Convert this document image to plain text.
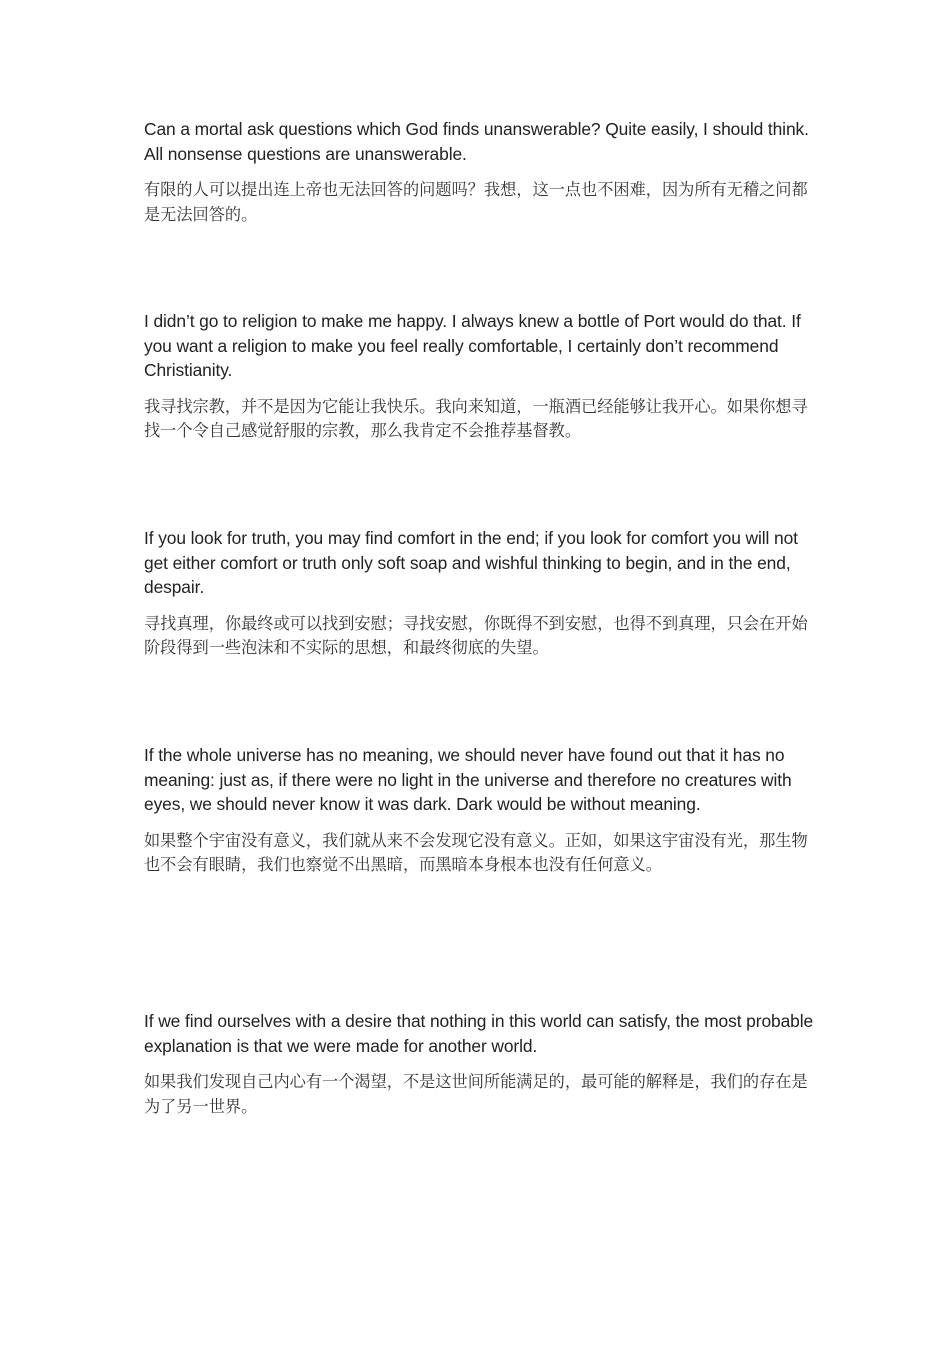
Can a mortal ask questions which God finds unanswerable? Quite easily, I should think. All nonsense questions are unanswerable.

有限的人可以提出连上帝也无法回答的问题吗？我想，这一点也不困难，因为所有无稽之问都是无法回答的。

I didn’t go to religion to make me happy. I always knew a bottle of Port would do that. If you want a religion to make you feel really comfortable, I certainly don’t recommend Christianity.

我寻找宗教，并不是因为它能让我快乐。我向来知道，一瓶酒已经能够让我开心。如果你想寻找一个令自己感觉舒服的宗教，那么我肯定不会推荐基督教。

If you look for truth, you may find comfort in the end; if you look for comfort you will not get either comfort or truth only soft soap and wishful thinking to begin, and in the end, despair.

寻找真理，你最终或可以找到安慰；寻找安慰，你既得不到安慰，也得不到真理，只会在开始阶段得到一些泡沫和不实际的思想，和最终彻底的失望。

If the whole universe has no meaning, we should never have found out that it has no meaning: just as, if there were no light in the universe and therefore no creatures with eyes, we should never know it was dark. Dark would be without meaning.

如果整个宇宙没有意义，我们就从来不会发现它没有意义。正如，如果这宇宙没有光，那生物也不会有眼睛，我们也察觉不出黑暗，而黑暗本身根本也没有任何意义。

If we find ourselves with a desire that nothing in this world can satisfy, the most probable explanation is that we were made for another world.

如果我们发现自己内心有一个渴望，不是这世间所能满足的，最可能的解释是，我们的存在是为了另一世界。
